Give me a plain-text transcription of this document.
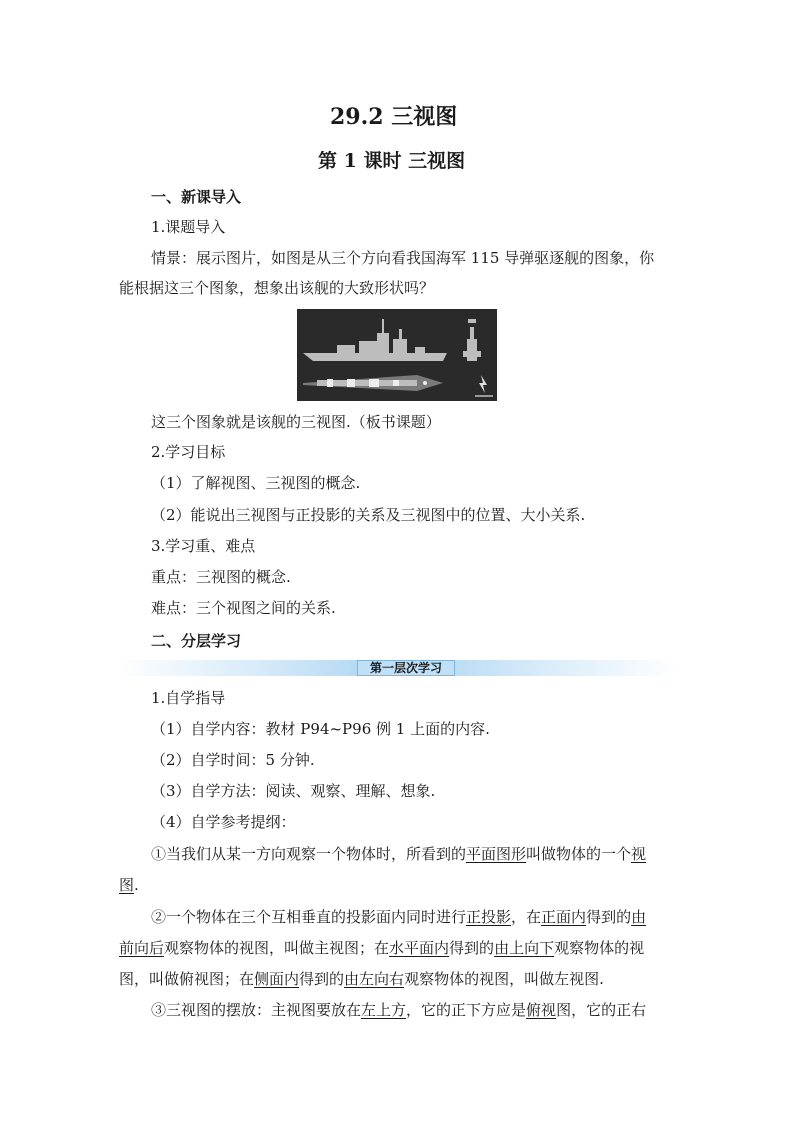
29.2 三视图
第 1 课时 三视图
一、新课导入
1.课题导入
情景：展示图片，如图是从三个方向看我国海军 115 导弹驱逐舰的图象，你
能根据这三个图象，想象出该舰的大致形状吗？
这三个图象就是该舰的三视图.（板书课题）
2.学习目标
（1）了解视图、三视图的概念.
（2）能说出三视图与正投影的关系及三视图中的位置、大小关系.
3.学习重、难点
重点：三视图的概念.
难点：三个视图之间的关系.
二、分层学习
第一层次学习
1.自学指导
（1）自学内容：教材 P94~P96 例 1 上面的内容.
（2）自学时间：5 分钟.
（3）自学方法：阅读、观察、理解、想象.
（4）自学参考提纲：
①当我们从某一方向观察一个物体时，所看到的平面图形叫做物体的一个视
图.
②一个物体在三个互相垂直的投影面内同时进行正投影，在正面内得到的由
前向后观察物体的视图，叫做主视图；在水平面内得到的由上向下观察物体的视
图，叫做俯视图；在侧面内得到的由左向右观察物体的视图，叫做左视图.
③三视图的摆放：主视图要放在左上方，它的正下方应是俯视图，它的正右
